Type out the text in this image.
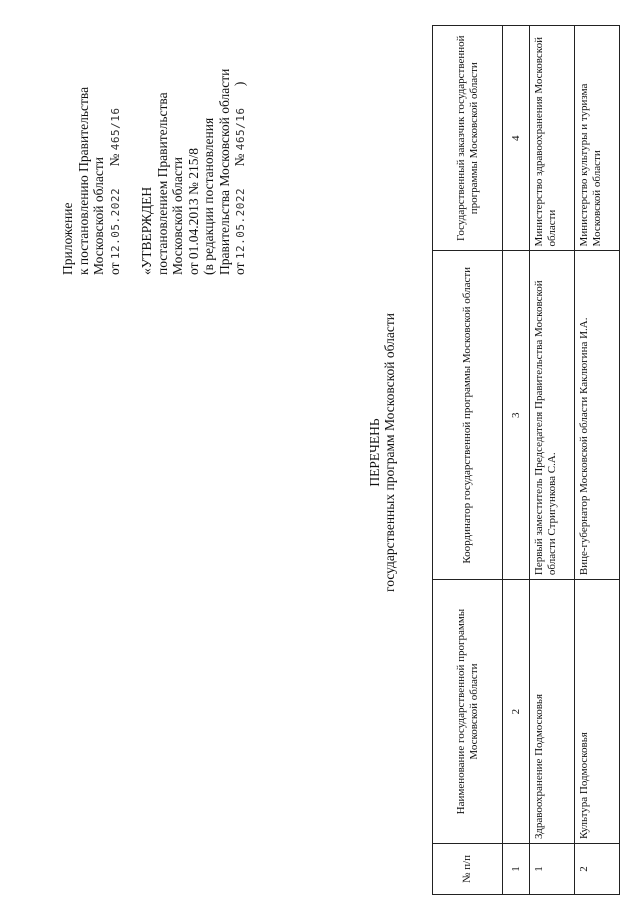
Приложение к постановлению Правительства Московской области от 12.05.2022 № 465/16
«УТВЕРЖДЕН постановлением Правительства Московской области от 01.04.2013 № 215/8 (в редакции постановления Правительства Московской области от 12.05.2022 № 465/16 )
ПЕРЕЧЕНЬ государственных программ Московской области
№ п/п	Наименование государственной программы Московской области	Координатор государственной программы Московской области	Государственный заказчик государственной программы Московской области
1	2	3	4
1	Здравоохранение Подмосковья	Первый заместитель Председателя Правительства Московской области Стригункова С.А.	Министерство здравоохранения Московской области
2	Культура Подмосковья	Вице-губернатор Московской области Каклюгина И.А.	Министерство культуры и туризма Московской области
